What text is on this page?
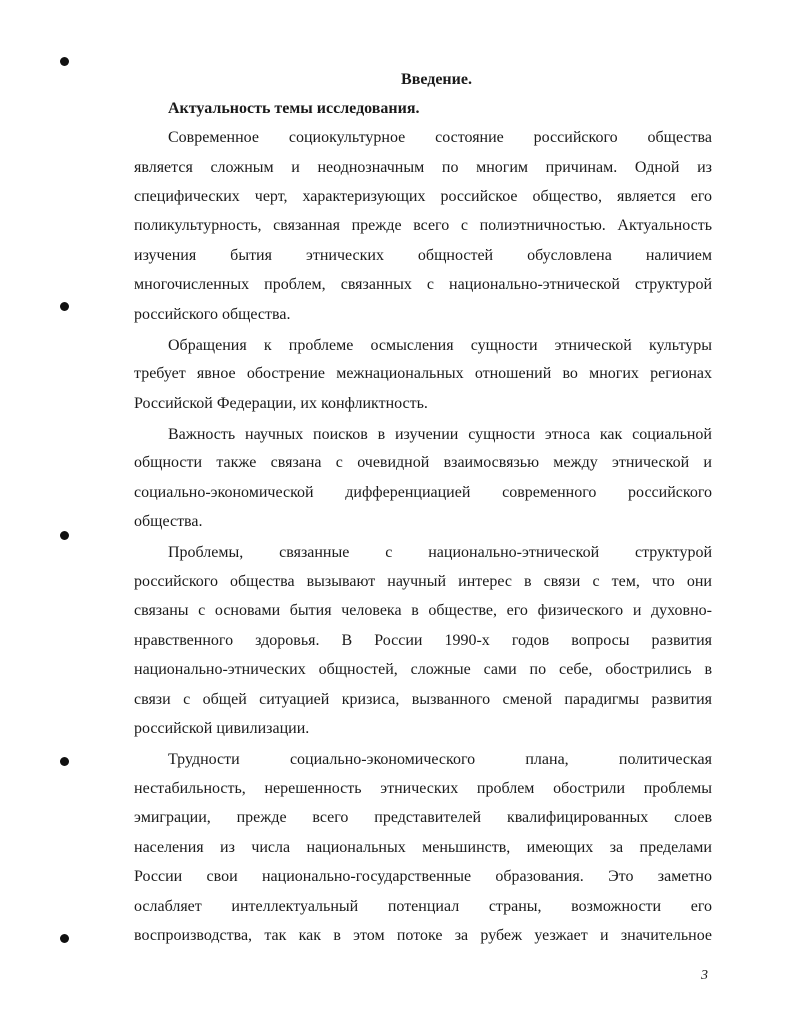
Введение.
Актуальность темы исследования.
Современное социокультурное состояние российского общества
является сложным и неоднозначным по многим причинам. Одной из
специфических черт, характеризующих российское общество, является его
поликультурность, связанная прежде всего с полиэтничностью. Актуальность
изучения бытия этнических общностей обусловлена наличием
многочисленных проблем, связанных с национально-этнической структурой
российского общества.
Обращения к проблеме осмысления сущности этнической культуры
требует явное обострение межнациональных отношений во многих регионах
Российской Федерации, их конфликтность.
Важность научных поисков в изучении сущности этноса как социальной
общности также связана с очевидной взаимосвязью между этнической и
социально-экономической дифференциацией современного российского
общества.
Проблемы, связанные с национально-этнической структурой
российского общества вызывают научный интерес в связи с тем, что они
связаны с основами бытия человека в обществе, его физического и духовно-
нравственного здоровья. В России 1990-х годов вопросы развития
национально-этнических общностей, сложные сами по себе, обострились в
связи с общей ситуацией кризиса, вызванного сменой парадигмы развития
российской цивилизации.
Трудности социально-экономического плана, политическая
нестабильность, нерешенность этнических проблем обострили проблемы
эмиграции, прежде всего представителей квалифицированных слоев
населения из числа национальных меньшинств, имеющих за пределами
России свои национально-государственные образования. Это заметно
ослабляет интеллектуальный потенциал страны, возможности его
воспроизводства, так как в этом потоке за рубеж уезжает и значительное
3
